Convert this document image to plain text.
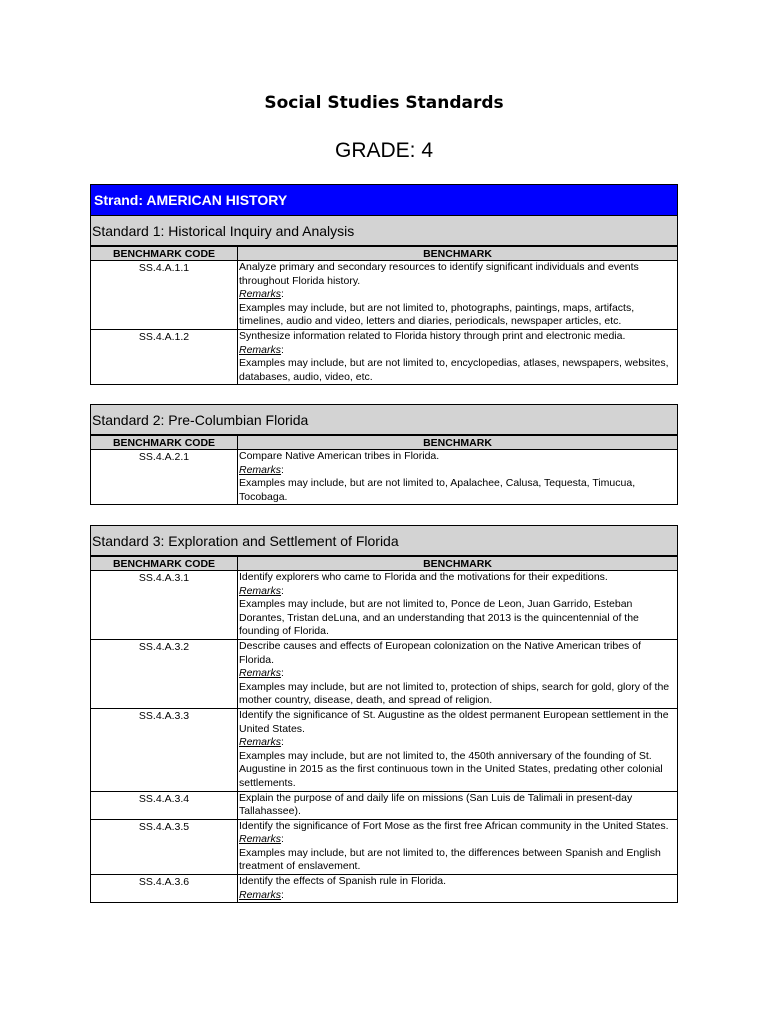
Social Studies Standards
GRADE: 4
Strand: AMERICAN HISTORY
Standard 1: Historical Inquiry and Analysis
BENCHMARK CODE	BENCHMARK
SS.4.A.1.1	Analyze primary and secondary resources to identify significant individuals and events throughout Florida history.
Remarks:
Examples may include, but are not limited to, photographs, paintings, maps, artifacts, timelines, audio and video, letters and diaries, periodicals, newspaper articles, etc.

SS.4.A.1.2	Synthesize information related to Florida history through print and electronic media.
Remarks:
Examples may include, but are not limited to, encyclopedias, atlases, newspapers, websites, databases, audio, video, etc.
Standard 2: Pre-Columbian Florida
BENCHMARK CODE	BENCHMARK
SS.4.A.2.1	Compare Native American tribes in Florida.
Remarks:
Examples may include, but are not limited to, Apalachee, Calusa, Tequesta, Timucua, Tocobaga.
Standard 3: Exploration and Settlement of Florida
BENCHMARK CODE	BENCHMARK
SS.4.A.3.1	Identify explorers who came to Florida and the motivations for their expeditions.
Remarks:
Examples may include, but are not limited to, Ponce de Leon, Juan Garrido, Esteban Dorantes, Tristan deLuna, and an understanding that 2013 is the quincentennial of the founding of Florida.

SS.4.A.3.2	Describe causes and effects of European colonization on the Native American tribes of Florida.
Remarks:
Examples may include, but are not limited to, protection of ships, search for gold, glory of the mother country, disease, death, and spread of religion.

SS.4.A.3.3	Identify the significance of St. Augustine as the oldest permanent European settlement in the United States.
Remarks:
Examples may include, but are not limited to, the 450th anniversary of the founding of St. Augustine in 2015 as the first continuous town in the United States, predating other colonial settlements.

SS.4.A.3.4	Explain the purpose of and daily life on missions (San Luis de Talimali in present-day Tallahassee).

SS.4.A.3.5	Identify the significance of Fort Mose as the first free African community in the United States.
Remarks:
Examples may include, but are not limited to, the differences between Spanish and English treatment of enslavement.

SS.4.A.3.6	Identify the effects of Spanish rule in Florida.
Remarks:
